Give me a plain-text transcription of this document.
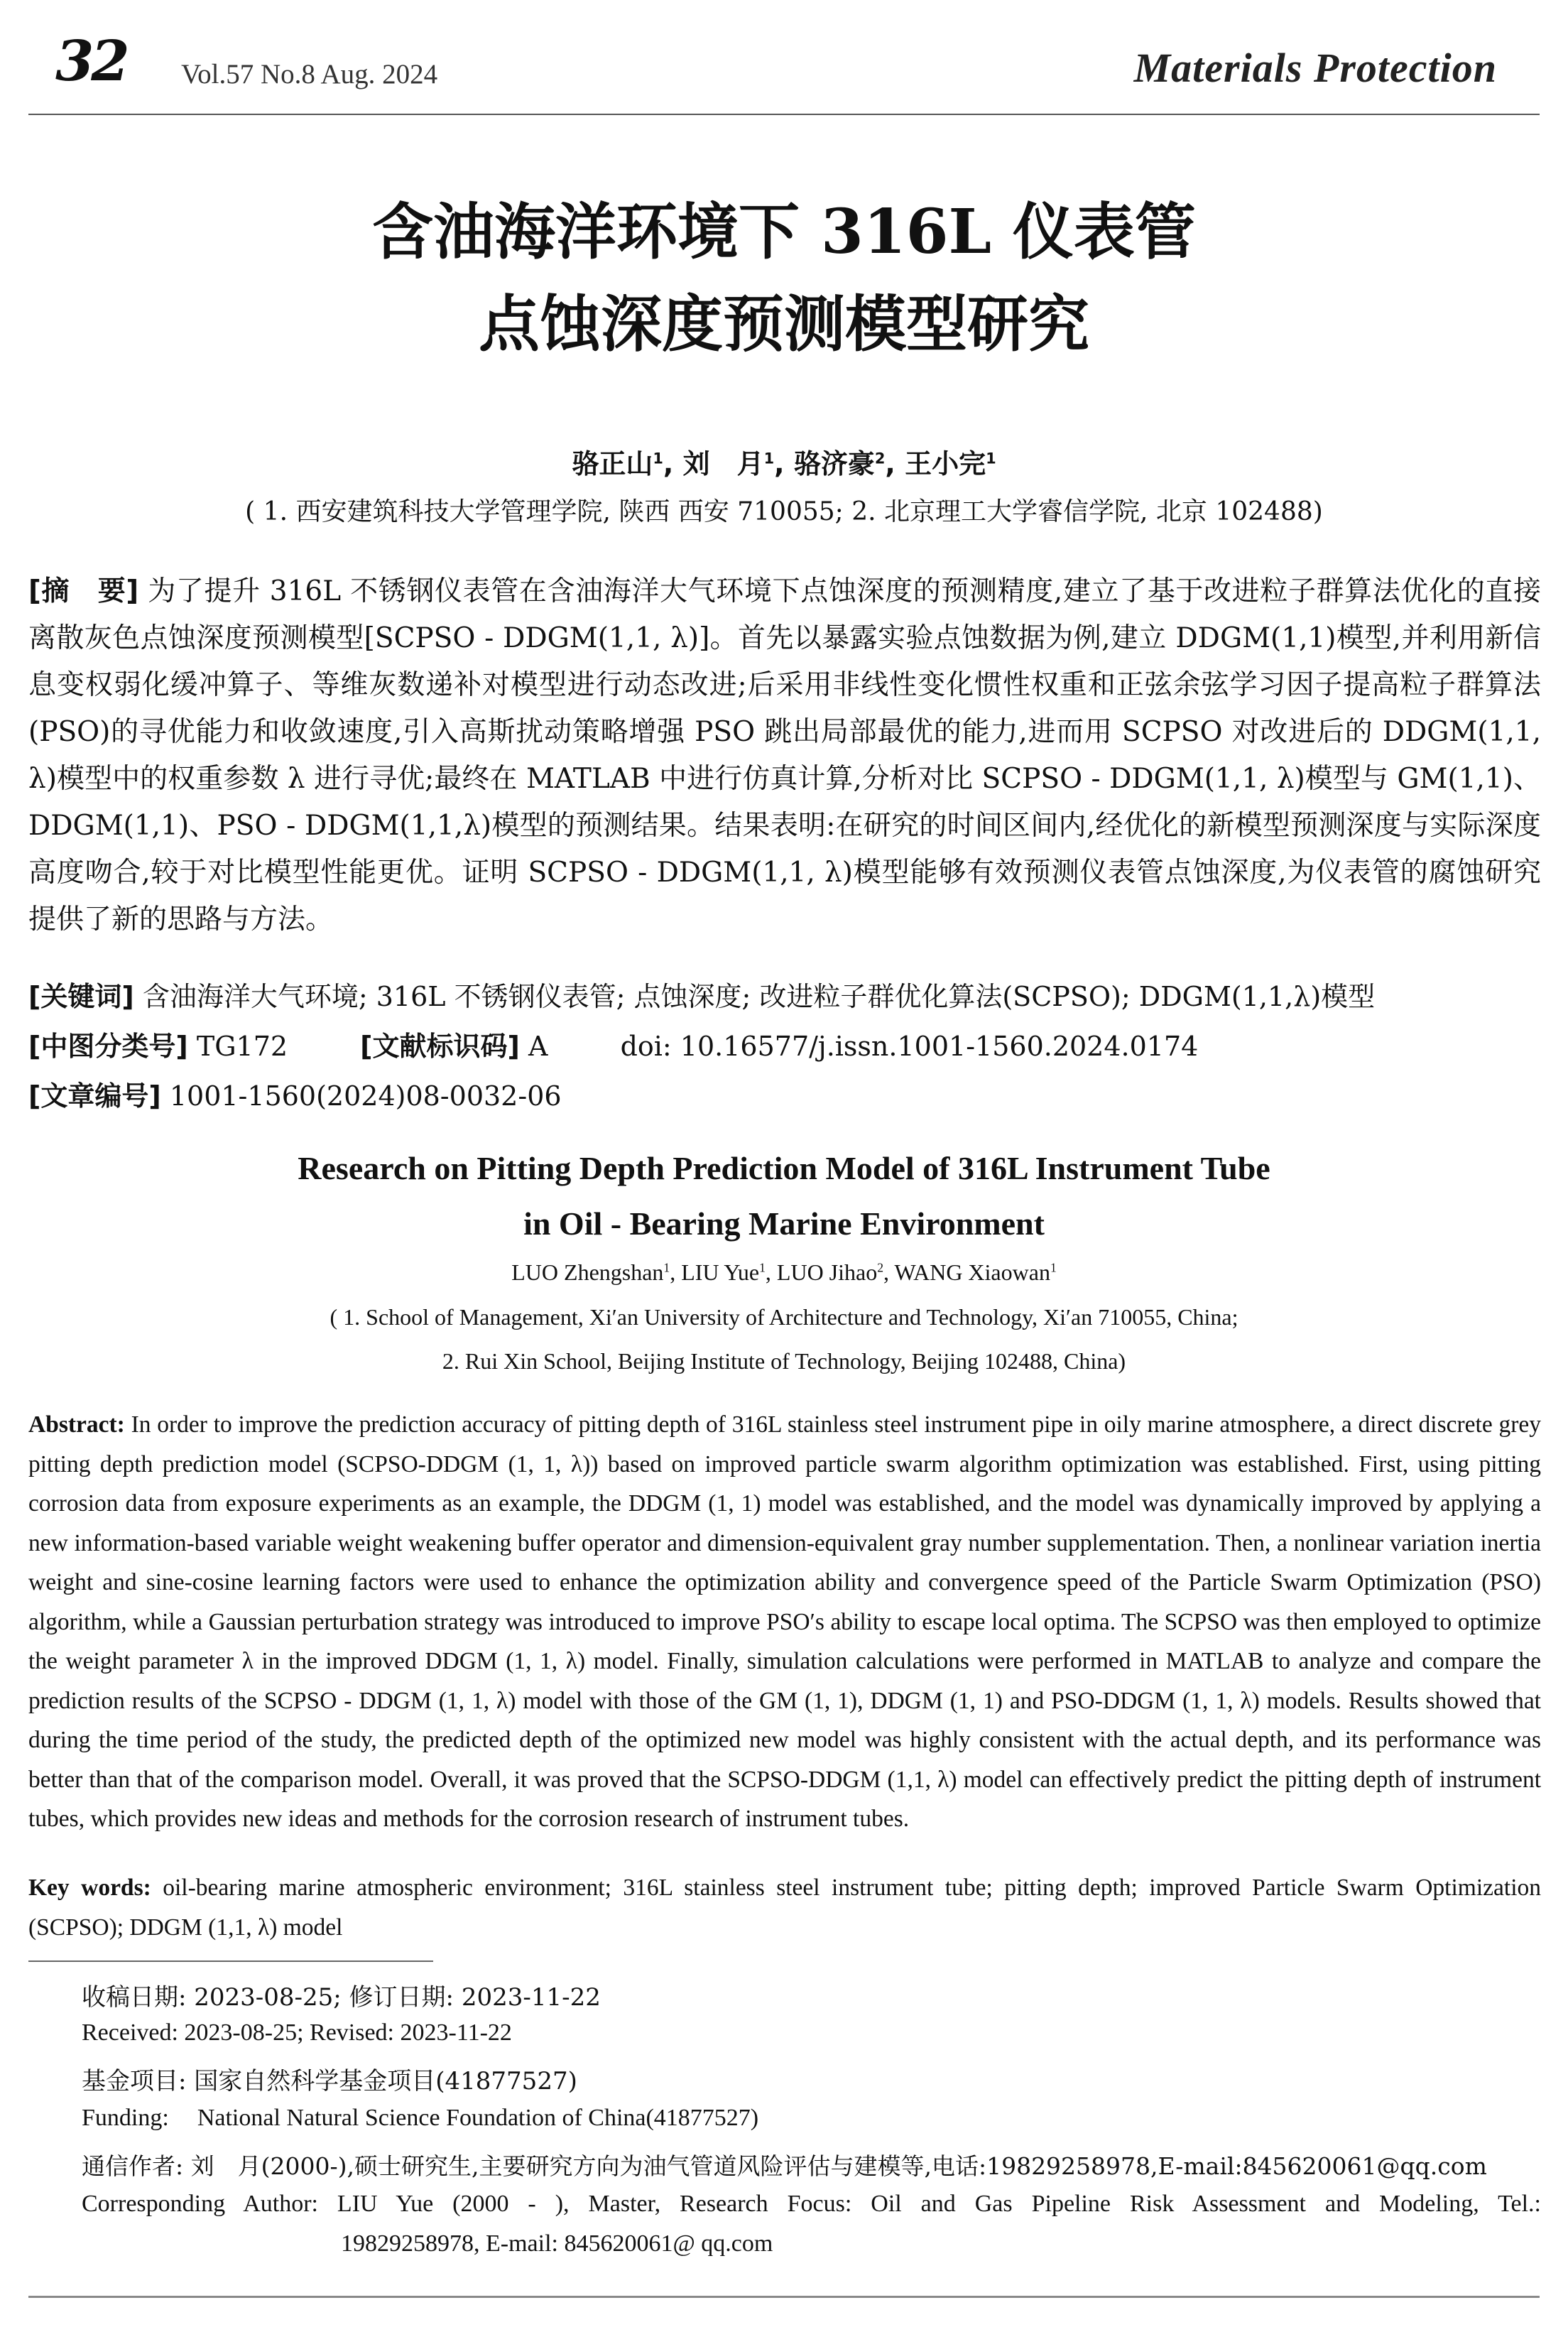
32 Vol.57 No.8 Aug. 2024	Materials Protection
含油海洋环境下 316L 仪表管
点蚀深度预测模型研究
骆正山$^1$, 刘　月$^1$, 骆济豪$^2$, 王小完$^1$
( 1. 西安建筑科技大学管理学院, 陕西 西安 710055; 2. 北京理工大学睿信学院, 北京 102488)
[摘　要] 为了提升 316L 不锈钢仪表管在含油海洋大气环境下点蚀深度的预测精度,建立了基于改进粒子群算法优化的直接离散灰色点蚀深度预测模型[SCPSO - DDGM(1,1, λ)]。首先以暴露实验点蚀数据为例,建立 DDGM(1,1)模型,并利用新信息变权弱化缓冲算子、等维灰数递补对模型进行动态改进;后采用非线性变化惯性权重和正弦余弦学习因子提高粒子群算法(PSO)的寻优能力和收敛速度,引入高斯扰动策略增强 PSO 跳出局部最优的能力,进而用 SCPSO 对改进后的 DDGM(1,1, λ)模型中的权重参数 λ 进行寻优;最终在 MATLAB 中进行仿真计算,分析对比 SCPSO - DDGM(1,1, λ)模型与 GM(1,1)、DDGM(1,1)、PSO - DDGM(1,1,λ)模型的预测结果。结果表明:在研究的时间区间内,经优化的新模型预测深度与实际深度高度吻合,较于对比模型性能更优。证明 SCPSO - DDGM(1,1, λ)模型能够有效预测仪表管点蚀深度,为仪表管的腐蚀研究提供了新的思路与方法。
[关键词] 含油海洋大气环境; 316L 不锈钢仪表管; 点蚀深度; 改进粒子群优化算法(SCPSO); DDGM(1,1,λ)模型
[中图分类号] TG172	[文献标识码] A	doi: 10.16577/j.issn.1001-1560.2024.0174
[文章编号] 1001-1560(2024)08-0032-06
Research on Pitting Depth Prediction Model of 316L Instrument Tube
in Oil - Bearing Marine Environment
LUO Zhengshan$^1$, LIU Yue$^1$, LUO Jihao$^2$, WANG Xiaowan$^1$
( 1. School of Management, Xi′an University of Architecture and Technology, Xi′an 710055, China;
2. Rui Xin School, Beijing Institute of Technology, Beijing 102488, China)
Abstract: In order to improve the prediction accuracy of pitting depth of 316L stainless steel instrument pipe in oily marine atmosphere, a direct discrete grey pitting depth prediction model (SCPSO-DDGM (1, 1, λ)) based on improved particle swarm algorithm optimization was established. First, using pitting corrosion data from exposure experiments as an example, the DDGM (1, 1) model was established, and the model was dynamically improved by applying a new information-based variable weight weakening buffer operator and dimension-equivalent gray number supplementation. Then, a nonlinear variation inertia weight and sine-cosine learning factors were used to enhance the optimization ability and convergence speed of the Particle Swarm Optimization (PSO) algorithm, while a Gaussian perturbation strategy was introduced to improve PSO′s ability to escape local optima. The SCPSO was then employed to optimize the weight parameter λ in the improved DDGM (1, 1, λ) model. Finally, simulation calculations were performed in MATLAB to analyze and compare the prediction results of the SCPSO - DDGM (1, 1, λ) model with those of the GM (1, 1), DDGM (1, 1) and PSO-DDGM (1, 1, λ) models. Results showed that during the time period of the study, the predicted depth of the optimized new model was highly consistent with the actual depth, and its performance was better than that of the comparison model. Overall, it was proved that the SCPSO-DDGM (1,1, λ) model can effectively predict the pitting depth of instrument tubes, which provides new ideas and methods for the corrosion research of instrument tubes.
Key words: oil-bearing marine atmospheric environment; 316L stainless steel instrument tube; pitting depth; improved Particle Swarm Optimization (SCPSO); DDGM (1,1, λ) model
收稿日期: 2023-08-25; 修订日期: 2023-11-22
Received: 2023-08-25; Revised: 2023-11-22
基金项目: 国家自然科学基金项目(41877527)
Funding: National Natural Science Foundation of China(41877527)
通信作者: 刘　月(2000-),硕士研究生,主要研究方向为油气管道风险评估与建模等,电话:19829258978,E-mail:845620061@qq.com
Corresponding Author: LIU Yue (2000 - ), Master, Research Focus: Oil and Gas Pipeline Risk Assessment and Modeling, Tel.:
19829258978, E-mail: 845620061@ qq.com
